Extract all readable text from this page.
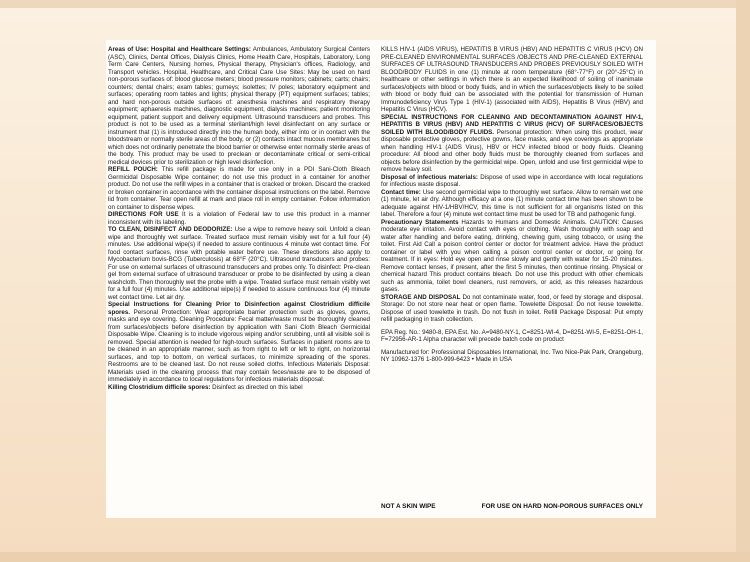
Areas of Use: Hospital and Healthcare Settings: Ambulances, Ambulatory Surgical Centers (ASC), Clinics, Dental Offices, Dialysis Clinics, Home Health Care, Hospitals, Laboratory, Long Term Care Centers, Nursing homes, Physical therapy, Physician's offices, Radiology, and Transport vehicles. Hospital, Healthcare, and Critical Care Use Sites: May be used on hard non-porous surfaces of: blood glucose meters; blood pressure monitors; cabinets; carts; chairs; counters; dental chairs; exam tables; gurneys; isolettes; IV poles; laboratory equipment and surfaces; operating room tables and lights; physical therapy (PT) equipment surfaces; tables; and hard non-porous outside surfaces of: anesthesia machines and respiratory therapy equipment; aphaeresis machines, diagnostic equipment, dialysis machines; patient monitoring equipment, patient support and delivery equipment. Ultrasound transducers and probes. This product is not to be used as a terminal sterilant/high level disinfectant on any surface or instrument that (1) is introduced directly into the human body, either into or in contact with the bloodstream or normally sterile areas of the body, or (2) contacts intact mucous membranes but which does not ordinarily penetrate the blood barrier or otherwise enter normally sterile areas of the body. This product may be used to preclean or decontaminate critical or semi-critical medical devices prior to sterilization or high level disinfection.

REFILL POUCH: This refill package is made for use only in a PDI Sani-Cloth Bleach Germicidal Disposable Wipe container; do not use this product in a container for another product. Do not use the refill wipes in a container that is cracked or broken. Discard the cracked or broken container in accordance with the container disposal instructions on the label. Remove lid from container. Tear open refill at mark and place roll in empty container. Follow information on container to dispense wipes.

DIRECTIONS FOR USE It is a violation of Federal law to use this product in a manner inconsistent with its labeling.

TO CLEAN, DISINFECT AND DEODORIZE: Use a wipe to remove heavy soil. Unfold a clean wipe and thoroughly wet surface. Treated surface must remain visibly wet for a full four (4) minutes. Use additional wipe(s) if needed to assure continuous 4 minute wet contact time. For food contact surfaces, rinse with potable water before use. These directions also apply to Mycobacterium bovis-BCG (Tuberculosis) at 68°F (20°C). Ultrasound transducers and probes: For use on external surfaces of ultrasound transducers and probes only. To disinfect: Pre-clean gel from external surface of ultrasound transducer or probe to be disinfected by using a clean washcloth. Then thoroughly wet the probe with a wipe. Treated surface must remain visibly wet for a full four (4) minutes. Use additional wipe(s) if needed to assure continuous four (4) minute wet contact time. Let air dry.

Special Instructions for Cleaning Prior to Disinfection against Clostridium difficile spores. Personal Protection: Wear appropriate barrier protection such as gloves, gowns, masks and eye covering. Cleaning Procedure: Fecal matter/waste must be thoroughly cleaned from surfaces/objects before disinfection by application with Sani Cloth Bleach Germicidal Disposable Wipe. Cleaning is to include vigorous wiping and/or scrubbing, until all visible soil is removed. Special attention is needed for high-touch surfaces. Surfaces in patient rooms are to be cleaned in an appropriate manner, such as from right to left or left to right, on horizontal surfaces, and top to bottom, on vertical surfaces, to minimize spreading of the spores. Restrooms are to be cleaned last. Do not reuse soiled cloths. Infectious Materials Disposal: Materials used in the cleaning process that may contain feces/waste are to be disposed of immediately in accordance to local regulations for infectious materials disposal.

Killing Clostridium difficile spores: Disinfect as directed on this label

KILLS HIV-1 (AIDS VIRUS), HEPATITIS B VIRUS (HBV) AND HEPATITIS C VIRUS (HCV) ON PRE-CLEANED ENVIRONMENTAL SURFACES /OBJECTS AND PRE-CLEANED EXTERNAL SURFACES OF ULTRASOUND TRANSDUCERS AND PROBES PREVIOUSLY SOILED WITH BLOOD/BODY FLUIDS in one (1) minute at room temperature (68°-77°F) or (20°-25°C) in healthcare or other settings in which there is an expected likelihood of soiling of inanimate surfaces/objects with blood or body fluids, and in which the surfaces/objects likely to be soiled with blood or body fluid can be associated with the potential for transmission of Human Immunodeficiency Virus Type 1 (HIV-1) (associated with AIDS), Hepatitis B Virus (HBV) and Hepatitis C Virus (HCV).

SPECIAL INSTRUCTIONS FOR CLEANING AND DECONTAMINATION AGAINST HIV-1, HEPATITIS B VIRUS (HBV) AND HEPATITIS C VIRUS (HCV) OF SURFACES/OBJECTS SOILED WITH BLOOD/BODY FLUIDS. Personal protection: When using this product, wear disposable protective gloves, protective gowns, face masks, and eye coverings as appropriate when handling HIV-1 (AIDS Virus), HBV or HCV infected blood or body fluids. Cleaning procedure: All blood and other body fluids must be thoroughly cleaned from surfaces and objects before disinfection by the germicidal wipe. Open, unfold and use first germicidal wipe to remove heavy soil.

Disposal of infectious materials: Dispose of used wipe in accordance with local regulations for infectious waste disposal.

Contact time: Use second germicidal wipe to thoroughly wet surface. Allow to remain wet one (1) minute, let air dry. Although efficacy at a one (1) minute contact time has been shown to be adequate against HIV-1/HBV/HCV, this time is not sufficient for all organisms listed on this label. Therefore a four (4) minute wet contact time must be used for TB and pathogenic fungi.

Precautionary Statements Hazards to Humans and Domestic Animals. CAUTION: Causes moderate eye irritation. Avoid contact with eyes or clothing. Wash thoroughly with soap and water after handling and before eating, drinking, chewing gum, using tobacco, or using the toilet. First Aid Call a poison control center or doctor for treatment advice. Have the product container or label with you when calling a poison control center or doctor, or going for treatment. If in eyes: Hold eye open and rinse slowly and gently with water for 15-20 minutes. Remove contact lenses, if present, after the first 5 minutes, then continue rinsing. Physical or chemical hazard This product contains bleach. Do not use this product with other chemicals such as ammonia, toilet bowl cleaners, rust removers, or acid, as this releases hazardous gases.

STORAGE AND DISPOSAL Do not contaminate water, food, or feed by storage and disposal. Storage: Do not store near heat or open flame. Towelette Disposal: Do not reuse towelette. Dispose of used towelette in trash. Do not flush in toilet. Refill Package Disposal: Put empty refill packaging in trash collection.

EPA Reg. No.: 9480-8, EPA Est. No. A=9480-NY-1, C=8251-WI-4, D=8251-WI-5, E=8251-OH-1, F=72956-AR-1 Alpha character will precede batch code on product

Manufactured for: Professional Disposables International, Inc. Two Nice-Pak Park, Orangeburg, NY 10962-1376 1-800-999-6423 • Made in USA

NOT A SKIN WIPE	FOR USE ON HARD NON-POROUS SURFACES ONLY
